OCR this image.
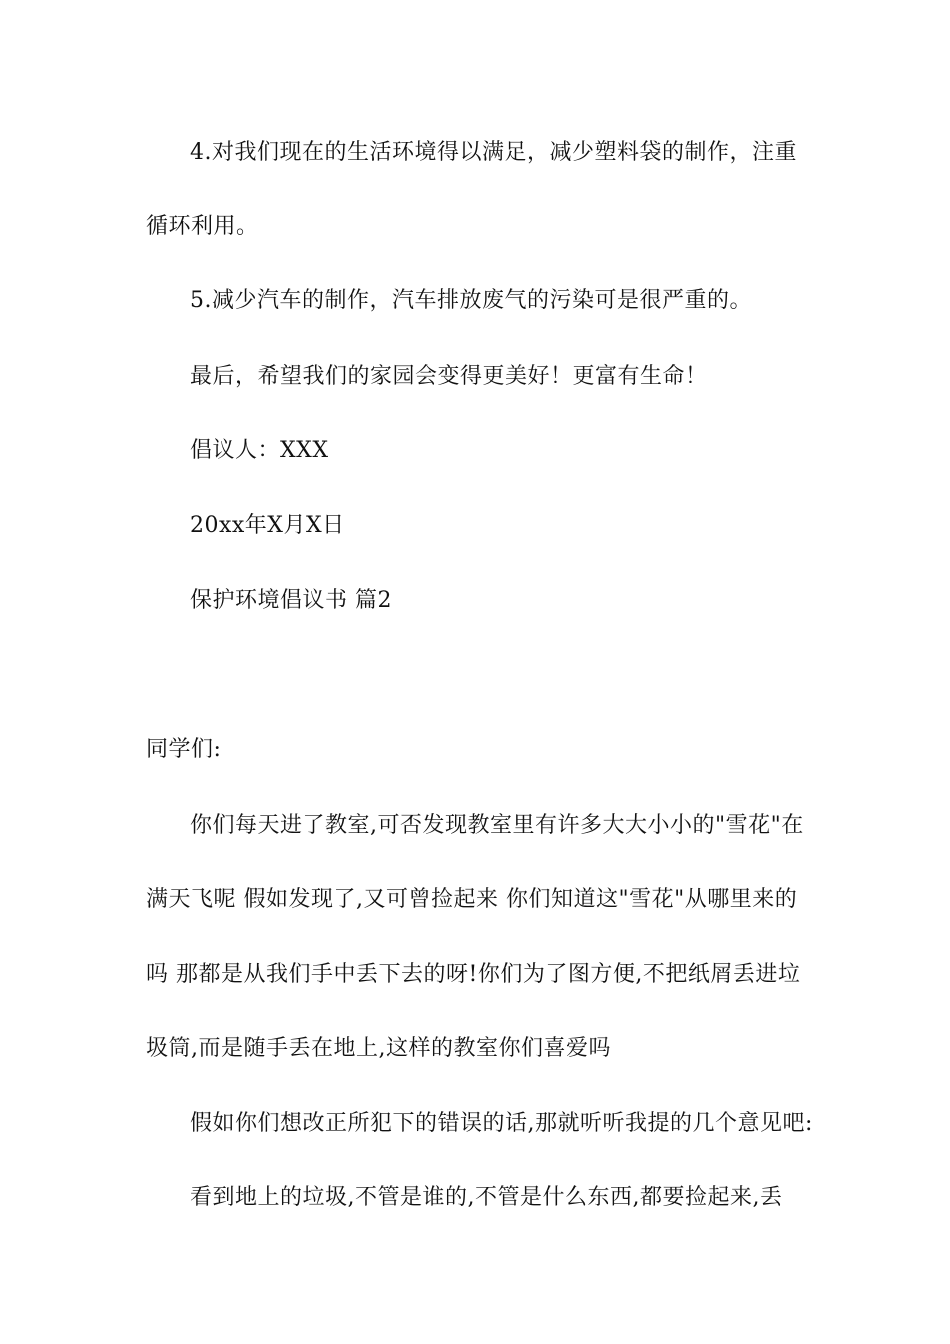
4.对我们现在的生活环境得以满足，减少塑料袋的制作，注重
循环利用。
5.减少汽车的制作，汽车排放废气的污染可是很严重的。
最后，希望我们的家园会变得更美好！更富有生命！
倡议人：XXX
20xx年X月X日
保护环境倡议书 篇2
同学们:
你们每天进了教室,可否发现教室里有许多大大小小的"雪花"在
满天飞呢 假如发现了,又可曾捡起来 你们知道这"雪花"从哪里来的
吗 那都是从我们手中丢下去的呀!你们为了图方便,不把纸屑丢进垃
圾筒,而是随手丢在地上,这样的教室你们喜爱吗
假如你们想改正所犯下的错误的话,那就听听我提的几个意见吧:
看到地上的垃圾,不管是谁的,不管是什么东西,都要捡起来,丢
